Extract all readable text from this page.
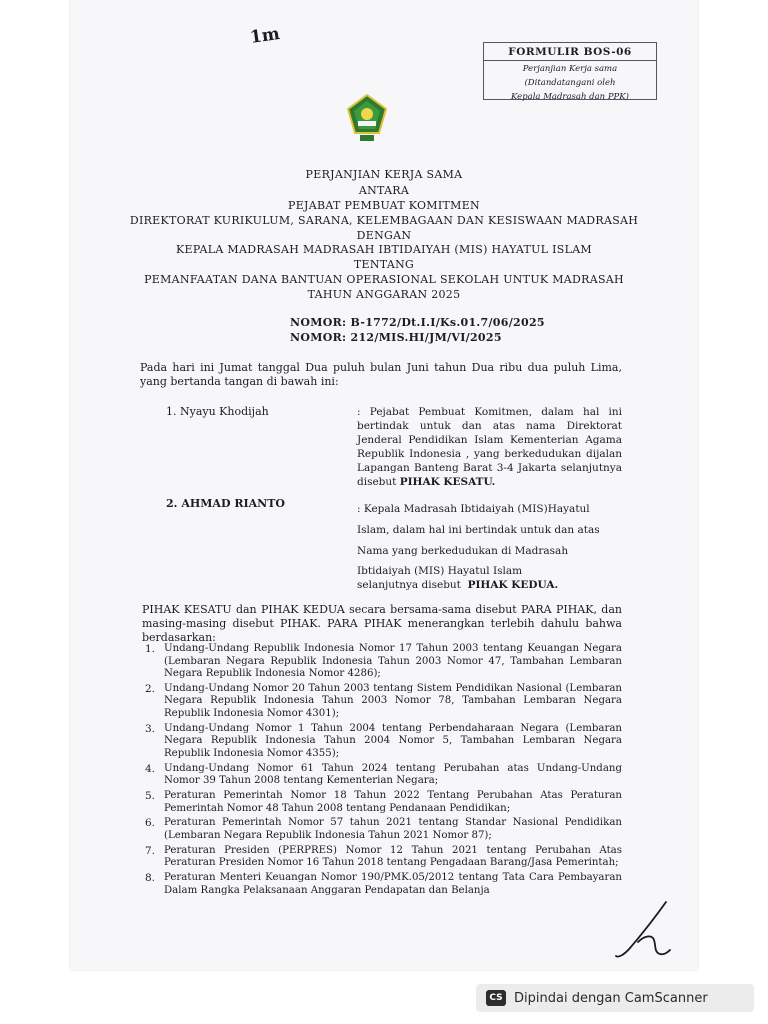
1m
FORMULIR BOS-06
Perjanjian Kerja sama
(Ditandatangani oleh
Kepala Madrasah dan PPK)
PERJANJIAN KERJA SAMA
ANTARA
PEJABAT PEMBUAT KOMITMEN
DIREKTORAT KURIKULUM, SARANA, KELEMBAGAAN DAN KESISWAAN MADRASAH
DENGAN
KEPALA MADRASAH MADRASAH IBTIDAIYAH (MIS) HAYATUL ISLAM
TENTANG
PEMANFAATAN DANA BANTUAN OPERASIONAL SEKOLAH UNTUK MADRASAH
TAHUN ANGGARAN 2025
NOMOR: B-1772/Dt.I.I/Ks.01.7/06/2025
NOMOR: 212/MIS.HI/JM/VI/2025
Pada hari ini Jumat tanggal Dua puluh bulan Juni tahun Dua ribu dua puluh Lima, yang bertanda tangan di bawah ini:
1. Nyayu Khodijah	: Pejabat Pembuat Komitmen, dalam hal ini bertindak untuk dan atas nama Direktorat Jenderal Pendidikan Islam Kementerian Agama Republik Indonesia , yang berkedudukan dijalan Lapangan Banteng Barat 3-4 Jakarta selanjutnya disebut PIHAK KESATU.
2. AHMAD RIANTO	: Kepala Madrasah Ibtidaiyah (MIS)Hayatul
Islam, dalam hal ini bertindak untuk dan atas
Nama yang berkedudukan di Madrasah
Ibtidaiyah (MIS) Hayatul Islam
selanjutnya disebut PIHAK KEDUA.
PIHAK KESATU dan PIHAK KEDUA secara bersama-sama disebut PARA PIHAK, dan masing-masing disebut PIHAK. PARA PIHAK menerangkan terlebih dahulu bahwa berdasarkan:
1. Undang-Undang Republik Indonesia Nomor 17 Tahun 2003 tentang Keuangan Negara (Lembaran Negara Republik Indonesia Tahun 2003 Nomor 47, Tambahan Lembaran Negara Republik Indonesia Nomor 4286);
2. Undang-Undang Nomor 20 Tahun 2003 tentang Sistem Pendidikan Nasional (Lembaran Negara Republik Indonesia Tahun 2003 Nomor 78, Tambahan Lembaran Negara Republik Indonesia Nomor 4301);
3. Undang-Undang Nomor 1 Tahun 2004 tentang Perbendaharaan Negara (Lembaran Negara Republik Indonesia Tahun 2004 Nomor 5, Tambahan Lembaran Negara Republik Indonesia Nomor 4355);
4. Undang-Undang Nomor 61 Tahun 2024 tentang Perubahan atas Undang-Undang Nomor 39 Tahun 2008 tentang Kementerian Negara;
5. Peraturan Pemerintah Nomor 18 Tahun 2022 Tentang Perubahan Atas Peraturan Pemerintah Nomor 48 Tahun 2008 tentang Pendanaan Pendidikan;
6. Peraturan Pemerintah Nomor 57 tahun 2021 tentang Standar Nasional Pendidikan (Lembaran Negara Republik Indonesia Tahun 2021 Nomor 87);
7. Peraturan Presiden (PERPRES) Nomor 12 Tahun 2021 tentang Perubahan Atas Peraturan Presiden Nomor 16 Tahun 2018 tentang Pengadaan Barang/Jasa Pemerintah;
8. Peraturan Menteri Keuangan Nomor 190/PMK.05/2012 tentang Tata Cara Pembayaran Dalam Rangka Pelaksanaan Anggaran Pendapatan dan Belanja
CS Dipindai dengan CamScanner
